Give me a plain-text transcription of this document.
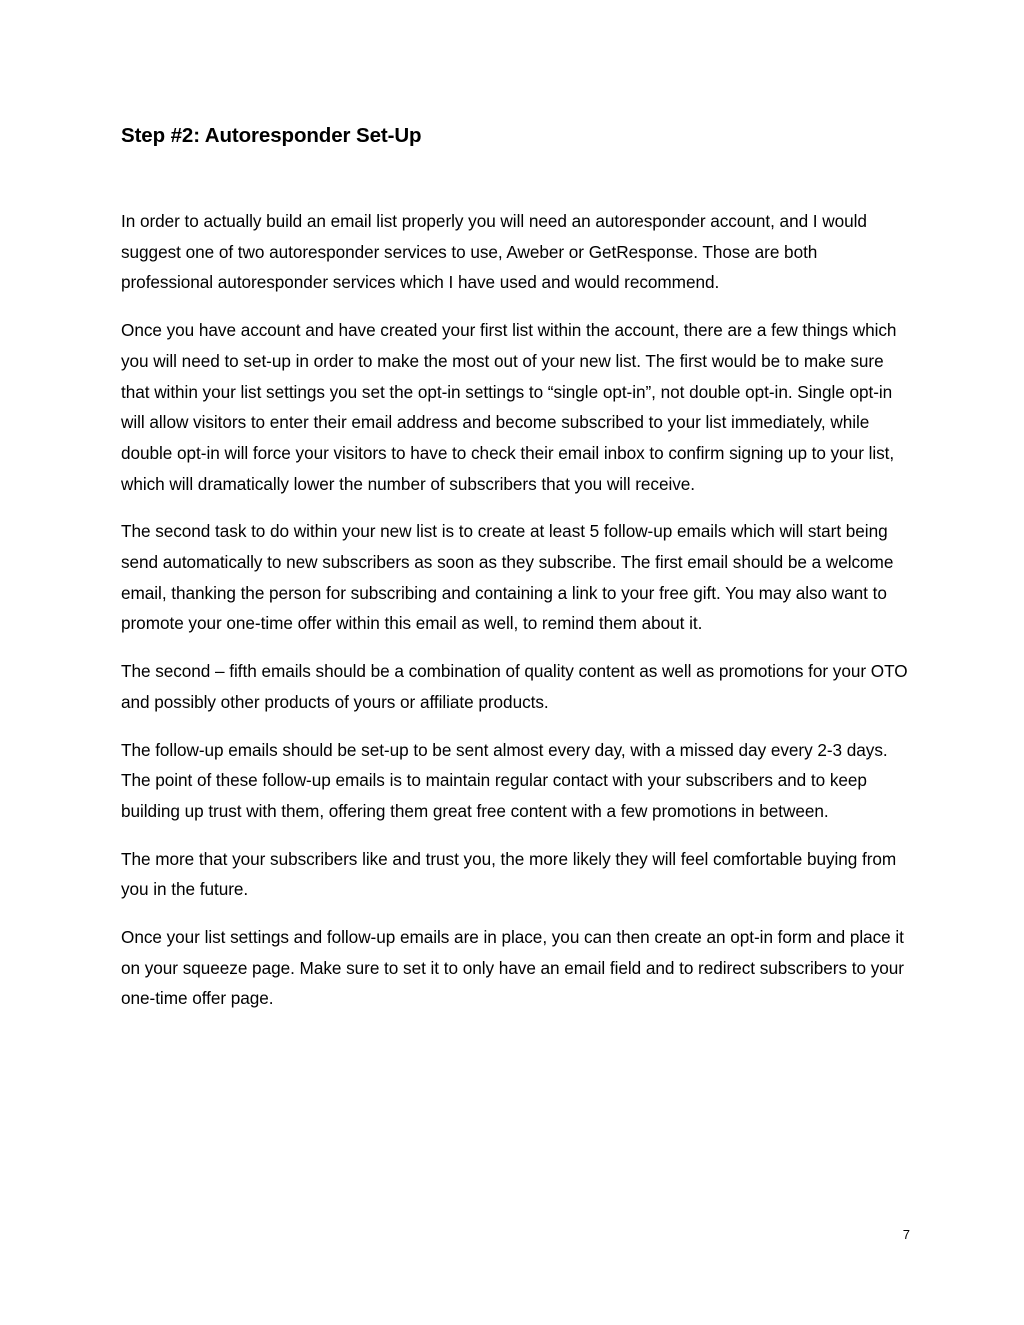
Step #2: Autoresponder Set-Up

In order to actually build an email list properly you will need an autoresponder account, and I would suggest one of two autoresponder services to use, Aweber or GetResponse. Those are both professional autoresponder services which I have used and would recommend.

Once you have account and have created your first list within the account, there are a few things which you will need to set-up in order to make the most out of your new list. The first would be to make sure that within your list settings you set the opt-in settings to “single opt-in”, not double opt-in. Single opt-in will allow visitors to enter their email address and become subscribed to your list immediately, while double opt-in will force your visitors to have to check their email inbox to confirm signing up to your list, which will dramatically lower the number of subscribers that you will receive.

The second task to do within your new list is to create at least 5 follow-up emails which will start being send automatically to new subscribers as soon as they subscribe. The first email should be a welcome email, thanking the person for subscribing and containing a link to your free gift. You may also want to promote your one-time offer within this email as well, to remind them about it.

The second – fifth emails should be a combination of quality content as well as promotions for your OTO and possibly other products of yours or affiliate products.

The follow-up emails should be set-up to be sent almost every day, with a missed day every 2-3 days. The point of these follow-up emails is to maintain regular contact with your subscribers and to keep building up trust with them, offering them great free content with a few promotions in between.

The more that your subscribers like and trust you, the more likely they will feel comfortable buying from you in the future.

Once your list settings and follow-up emails are in place, you can then create an opt-in form and place it on your squeeze page. Make sure to set it to only have an email field and to redirect subscribers to your one-time offer page.

7
